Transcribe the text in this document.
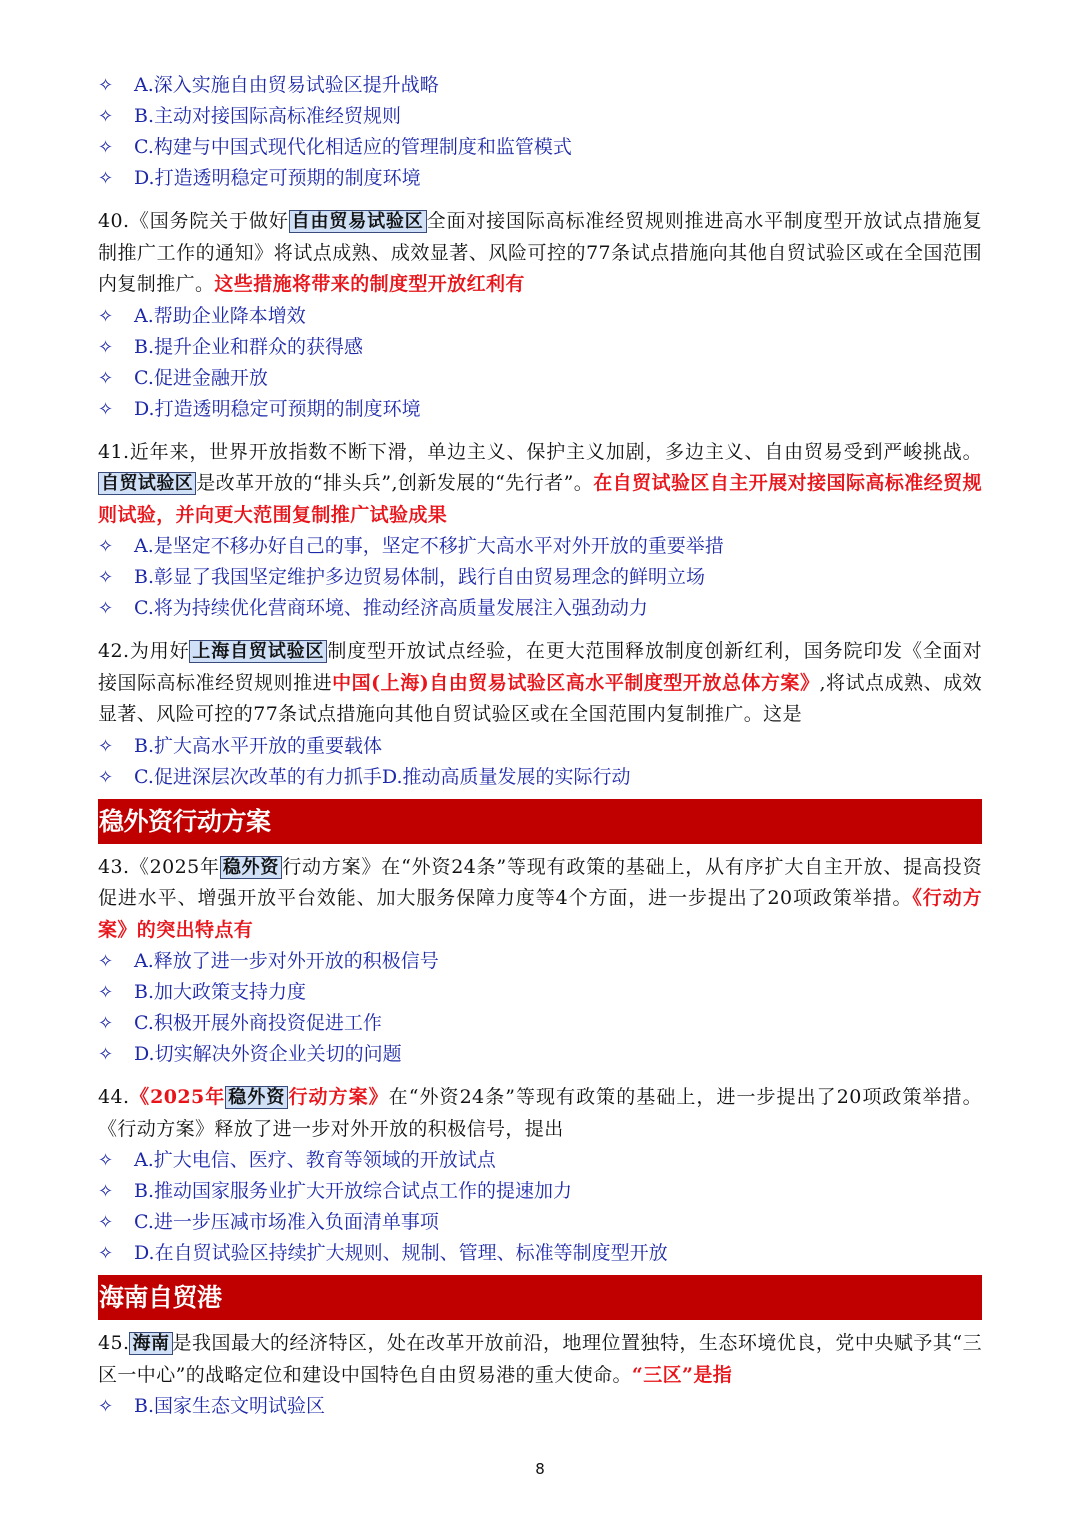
✧ A.深入实施自由贸易试验区提升战略
✧ B.主动对接国际高标准经贸规则
✧ C.构建与中国式现代化相适应的管理制度和监管模式
✧ D.打造透明稳定可预期的制度环境
40.《国务院关于做好 自由贸易试验区 全面对接国际高标准经贸规则推进高水平制度型开放试点措施复制推广工作的通知》将试点成熟、成效显著、风险可控的77条试点措施向其他自贸试验区或在全国范围内复制推广。这些措施将带来的制度型开放红利有
✧ A.帮助企业降本增效
✧ B.提升企业和群众的获得感
✧ C.促进金融开放
✧ D.打造透明稳定可预期的制度环境
41.近年来，世界开放指数不断下滑，单边主义、保护主义加剧，多边主义、自由贸易受到严峻挑战。自贸试验区 是改革开放的“排头兵”,创新发展的“先行者”。在自贸试验区自主开展对接国际高标准经贸规则试验，并向更大范围复制推广试验成果
✧ A.是坚定不移办好自己的事，坚定不移扩大高水平对外开放的重要举措
✧ B.彰显了我国坚定维护多边贸易体制，践行自由贸易理念的鲜明立场
✧ C.将为持续优化营商环境、推动经济高质量发展注入强劲动力
42.为用好 上海自贸试验区 制度型开放试点经验，在更大范围释放制度创新红利，国务院印发《全面对接国际高标准经贸规则推进中国(上海)自由贸易试验区高水平制度型开放总体方案》,将试点成熟、成效显著、风险可控的77条试点措施向其他自贸试验区或在全国范围内复制推广。这是
✧ B.扩大高水平开放的重要载体
✧ C.促进深层次改革的有力抓手D.推动高质量发展的实际行动
稳外资行动方案
43.《2025年 稳外资 行动方案》在“外资24条”等现有政策的基础上，从有序扩大自主开放、提高投资促进水平、增强开放平台效能、加大服务保障力度等4个方面，进一步提出了20项政策举措。《行动方案》的突出特点有
✧ A.释放了进一步对外开放的积极信号
✧ B.加大政策支持力度
✧ C.积极开展外商投资促进工作
✧ D.切实解决外资企业关切的问题
44.《2025年 稳外资 行动方案》在“外资24条”等现有政策的基础上，进一步提出了20项政策举措。《行动方案》释放了进一步对外开放的积极信号，提出
✧ A.扩大电信、医疗、教育等领域的开放试点
✧ B.推动国家服务业扩大开放综合试点工作的提速加力
✧ C.进一步压减市场准入负面清单事项
✧ D.在自贸试验区持续扩大规则、规制、管理、标准等制度型开放
海南自贸港
45. 海南 是我国最大的经济特区，处在改革开放前沿，地理位置独特，生态环境优良，党中央赋予其“三区一中心”的战略定位和建设中国特色自由贸易港的重大使命。“三区”是指
✧ B.国家生态文明试验区
8
